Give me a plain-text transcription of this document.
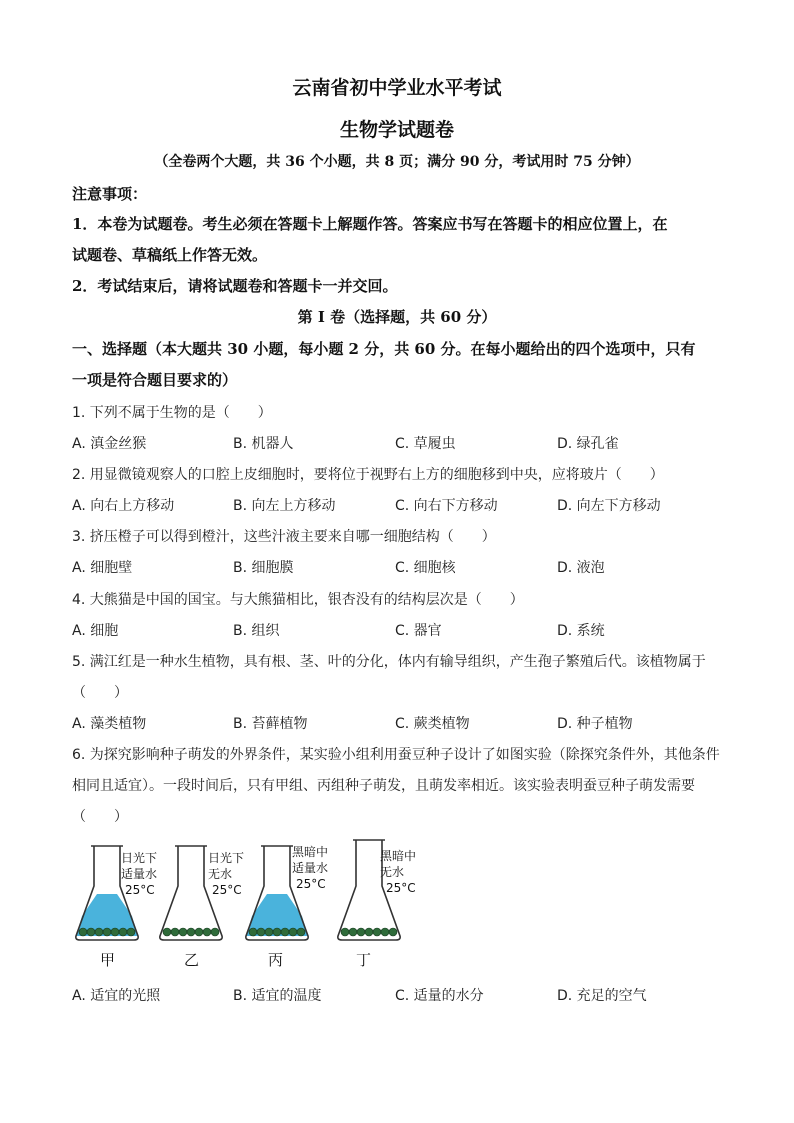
云南省初中学业水平考试
生物学试题卷
（全卷两个大题，共 36 个小题，共 8 页；满分 90 分，考试用时 75 分钟）
注意事项：
1．本卷为试题卷。考生必须在答题卡上解题作答。答案应书写在答题卡的相应位置上，在
试题卷、草稿纸上作答无效。
2．考试结束后，请将试题卷和答题卡一并交回。
第 I 卷（选择题，共 60 分）
一、选择题（本大题共 30 小题，每小题 2 分，共 60 分。在每小题给出的四个选项中，只有
一项是符合题目要求的）
1. 下列不属于生物的是（　　）
A. 滇金丝猴	B. 机器人	C. 草履虫	D. 绿孔雀
2. 用显微镜观察人的口腔上皮细胞时，要将位于视野右上方的细胞移到中央，应将玻片（　　）
A. 向右上方移动	B. 向左上方移动	C. 向右下方移动	D. 向左下方移动
3. 挤压橙子可以得到橙汁，这些汁液主要来自哪一细胞结构（　　）
A. 细胞壁	B. 细胞膜	C. 细胞核	D. 液泡
4. 大熊猫是中国的国宝。与大熊猫相比，银杏没有的结构层次是（　　）
A. 细胞	B. 组织	C. 器官	D. 系统
5. 满江红是一种水生植物，具有根、茎、叶的分化，体内有输导组织，产生孢子繁殖后代。该植物属于
（　　）
A. 藻类植物	B. 苔藓植物	C. 蕨类植物	D. 种子植物
6. 为探究影响种子萌发的外界条件，某实验小组利用蚕豆种子设计了如图实验（除探究条件外，其他条件
相同且适宜）。一段时间后，只有甲组、丙组种子萌发，且萌发率相近。该实验表明蚕豆种子萌发需要
（　　）
日光下
适量水
25°C
甲
日光下
无水
25°C
乙
黑暗中
适量水
25°C
丙
黑暗中
无水
25°C
丁
A. 适宜的光照	B. 适宜的温度	C. 适量的水分	D. 充足的空气
